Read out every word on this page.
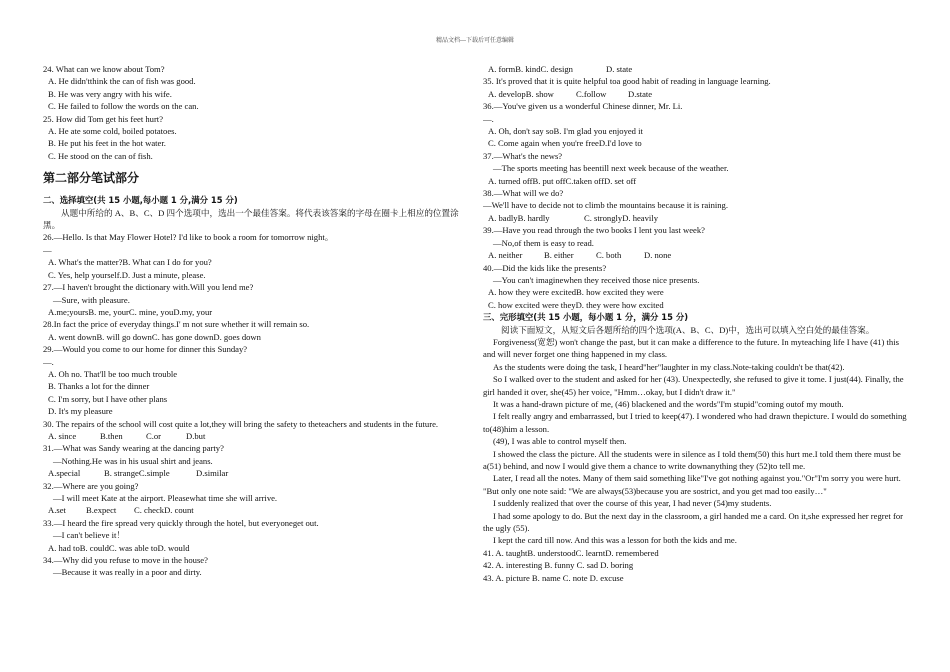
精品文档---下载后可任意编辑
24. What can we know about Tom?
A. He didn'tthink the can of fish was good.
B. He was very angry with his wife.
C. He failed to follow the words on the can.
25. How did Tom get his feet hurt?
A. He ate some cold, boiled potatoes.
B. He put his feet in the hot water.
C. He stood on the can of fish.
第二部分笔试部分
二、选择填空(共 15 小题,每小题 1 分,满分 15 分)
从题中所给的 A、B、C、D 四个选项中，选出一个最佳答案。将代表该答案的字母在圈卡上相应的位置涂黑。
26.—Hello. Is that May Flower Hotel? I'd like to book a room for tomorrow night。
—
A. What's the matter?B. What can I do for you?
C. Yes, help yourself.D. Just a minute, please.
27.—I haven't brought the dictionary with.Will you lend me?
—Sure, with pleasure.
A.me;yoursB. me, yourC. mine, youD.my, your
28.In fact the price of everyday things.I' m not sure whether it will remain so.
A. went downB. will go downC. has gone downD. goes down
29.—Would you come to our home for dinner this Sunday?
—.
A. Oh no. That'll be too much trouble
B. Thanks a lot for the dinner
C. I'm sorry, but I have other plans
D. It's my pleasure
30. The repairs of the school will cost quite a lot,they will bring the safety to theteachers and students in the future.
A. since	B.then	C.or	D.but
31.—What was Sandy wearing at the dancing party?
—Nothing.He was in his usual shirt and jeans.
A.special	B. strangeC.simple	D.similar
32.—Where are you going?
—I will meet Kate at the airport. Pleasewhat time she will arrive.
A.set B.expect C. checkD. count
33.—I heard the fire spread very quickly through the hotel, but everyoneget out.
—I can't believe it！
A. had toB. couldC. was able toD. would
34.—Why did you refuse to move in the house?
—Because it was really in a poor and dirty.
A. formB. kindC. design	D. state
35. It's proved that it is quite helpful toa good habit of reading in language learning.
A. developB. show	C.follow	D.state
36.—You've given us a wonderful Chinese dinner, Mr. Li.
—.
A. Oh, don't say soB. I'm glad you enjoyed it
C. Come again when you're freeD.I'd love to
37.—What's the news?
—The sports meeting has beentill next week because of the weather.
A. turned offB. put offC.taken offD. set off
38.—What will we do?
—We'll have to decide not to climb the mountains because it is raining.
A. badlyB. hardly	C. stronglyD. heavily
39.—Have you read through the two books I lent you last week?
—No,of them is easy to read.
A. neither	B. either	C. both	D. none
40.—Did the kids like the presents?
—You can't imaginewhen they received those nice presents.
A. how they were excitedB. how excited they were
C. how excited were theyD. they were how excited
三、完形填空(共 15 小题，每小题 1 分，满分 15 分)
阅读下面短文，从短文后各题所给的四个选项(A、B、C、D)中，选出可以填入空白处的最佳答案。
Forgiveness(宽恕) won't change the past, but it can make a difference to the future. In myteaching life I have (41) this and will never forget one thing happened in my class.
As the students were doing the task, I heard"her"laughter in my class.Note-taking couldn't be that(42).
So I walked over to the student and asked for her (43). Unexpectedly, she refused to give it tome. I just(44). Finally, the girl handed it over, she(45) her voice, "Hmm…okay, but I didn't draw it."
It was a hand-drawn picture of me, (46) blackened and the words"I'm stupid"coming outof my mouth.
I felt really angry and embarrassed, but I tried to keep(47). I wondered who had drawn thepicture. I would do something to(48)him a lesson.
(49), I was able to control myself then.
I showed the class the picture. All the students were in silence as I told them(50) this hurt me.I told them there must be a(51) behind, and now I would give them a chance to write downanything they (52)to tell me.
Later, I read all the notes. Many of them said something like"I've got nothing against you."Or"I'm sorry you were hurt. "But only one note said: "We are always(53)because you are sostrict, and you get mad too easily…"
I suddenly realized that over the course of this year, I had never (54)my students.
I had some apology to do. But the next day in the classroom, a girl handed me a card. On it,she expressed her regret for the ugly (55).
I kept the card till now. And this was a lesson for both the kids and me.
41. A. taughtB. understoodC. learntD. remembered
42. A. interesting B. funny C. sad D. boring
43. A. picture B. name C. note D. excuse
